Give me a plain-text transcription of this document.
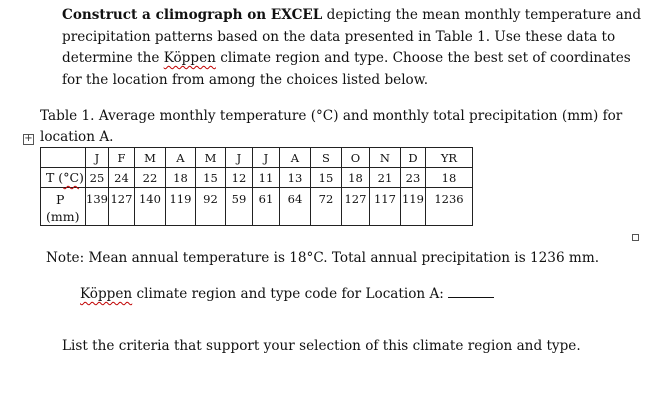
Construct a climograph on EXCEL depicting the mean monthly temperature and precipitation patterns based on the data presented in Table 1. Use these data to determine the Köppen climate region and type. Choose the best set of coordinates for the location from among the choices listed below.

Table 1. Average monthly temperature (°C) and monthly total precipitation (mm) for
location A.
+
	J	F	M	A	M	J	J	A	S	O	N	D	YR
T (°C)	25	24	22	18	15	12	11	13	15	18	21	23	18

P
(mm)	139	127	140	119	92	59	61	64	72	127	117	119	1236

Note: Mean annual temperature is 18°C. Total annual precipitation is 1236 mm.
Köppen climate region and type code for Location A:
List the criteria that support your selection of this climate region and type.
